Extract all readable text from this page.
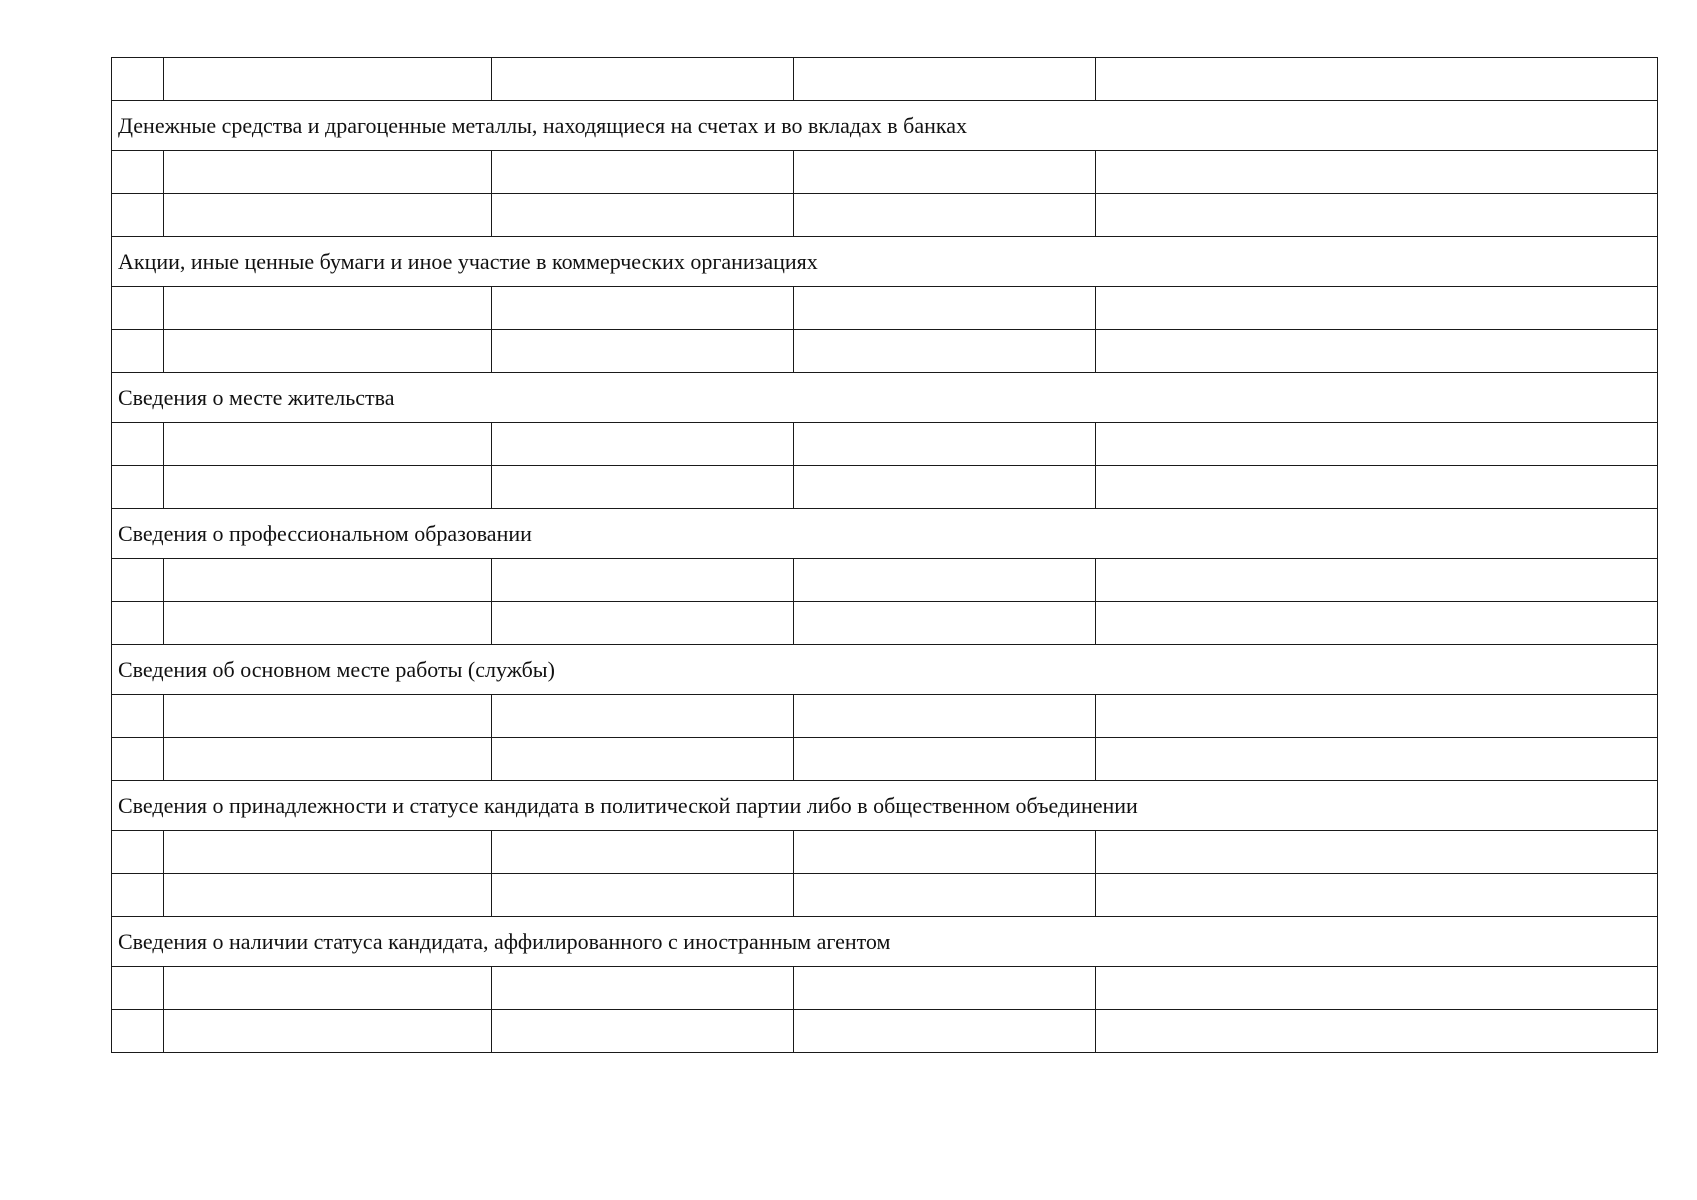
Денежные средства и драгоценные металлы, находящиеся на счетах и во вкладах в банках				

Акции, иные ценные бумаги и иное участие в коммерческих организациях				

Сведения о месте жительства				

Сведения о профессиональном образовании				

Сведения об основном месте работы (службы)				

Сведения о принадлежности и статусе кандидата в политической партии либо в общественном объединении				

Сведения о наличии статуса кандидата, аффилированного с иностранным агентом				
